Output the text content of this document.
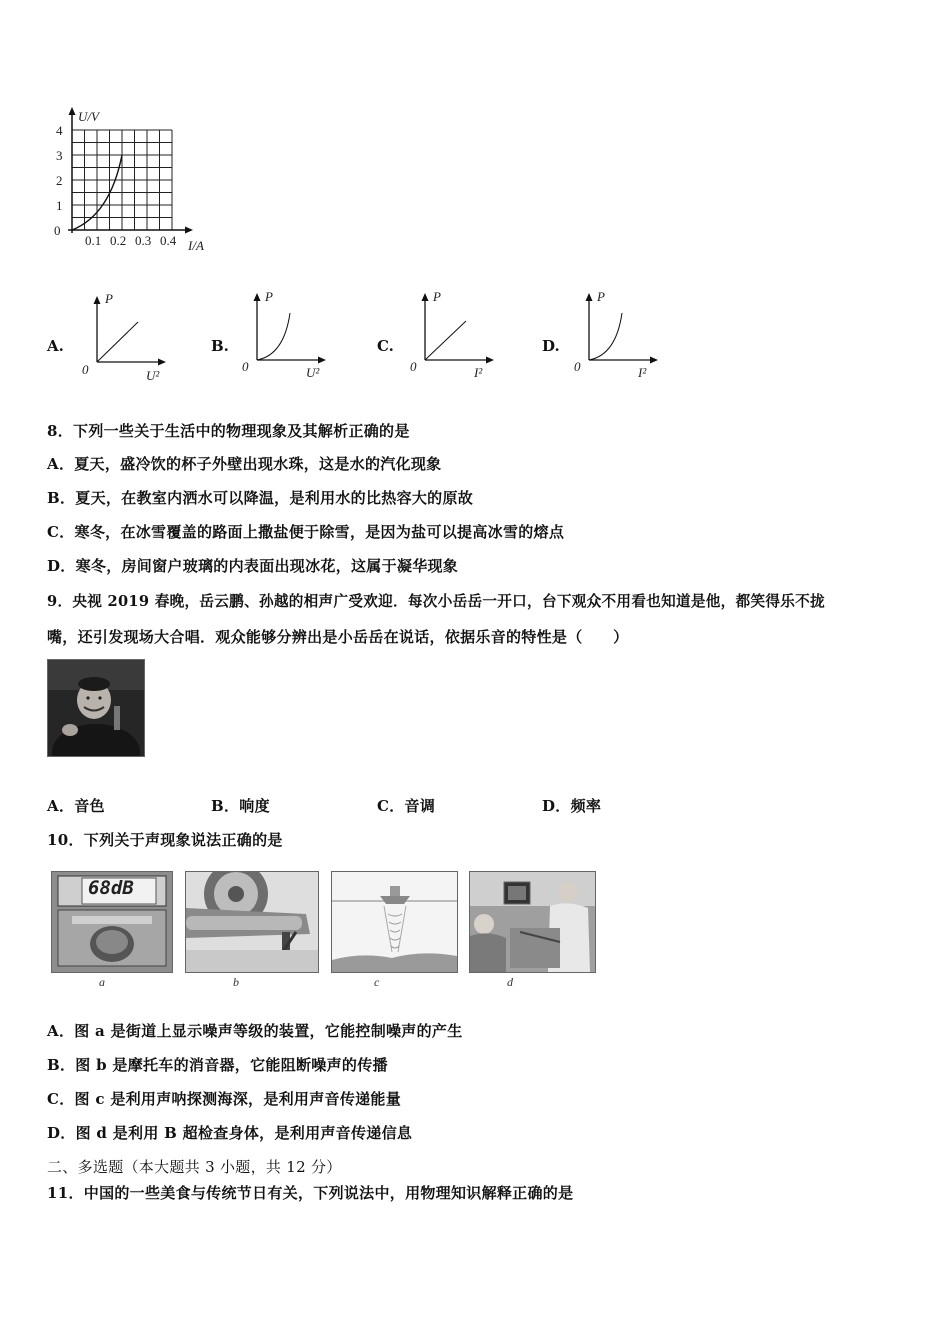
U/V
I/A
0
4
3
2
1
0.1 0.2 0.3 0.4
A.
P
U²
0
B.
P
U²
0
C.
P
I²
0
D.
P
I²
0
8．下列一些关于生活中的物理现象及其解析正确的是
A．夏天，盛冷饮的杯子外壁出现水珠，这是水的汽化现象
B．夏天，在教室内洒水可以降温，是利用水的比热容大的原故
C．寒冬，在冰雪覆盖的路面上撒盐便于除雪，是因为盐可以提高冰雪的熔点
D．寒冬，房间窗户玻璃的内表面出现冰花，这属于凝华现象
9．央视 2019 春晚，岳云鹏、孙越的相声广受欢迎．每次小岳岳一开口，台下观众不用看也知道是他，都笑得乐不拢
嘴，还引发现场大合唱．观众能够分辨出是小岳岳在说话，依据乐音的特性是（　　）
A．音色	B．响度	C．音调	D．频率
10．下列关于声现象说法正确的是
68dB
a	b	c	d
A．图 a 是街道上显示噪声等级的装置，它能控制噪声的产生
B．图 b 是摩托车的消音器，它能阻断噪声的传播
C．图 c 是利用声呐探测海深，是利用声音传递能量
D．图 d 是利用 B 超检查身体，是利用声音传递信息
二、多选题（本大题共 3 小题，共 12 分）
11．中国的一些美食与传统节日有关，下列说法中，用物理知识解释正确的是
